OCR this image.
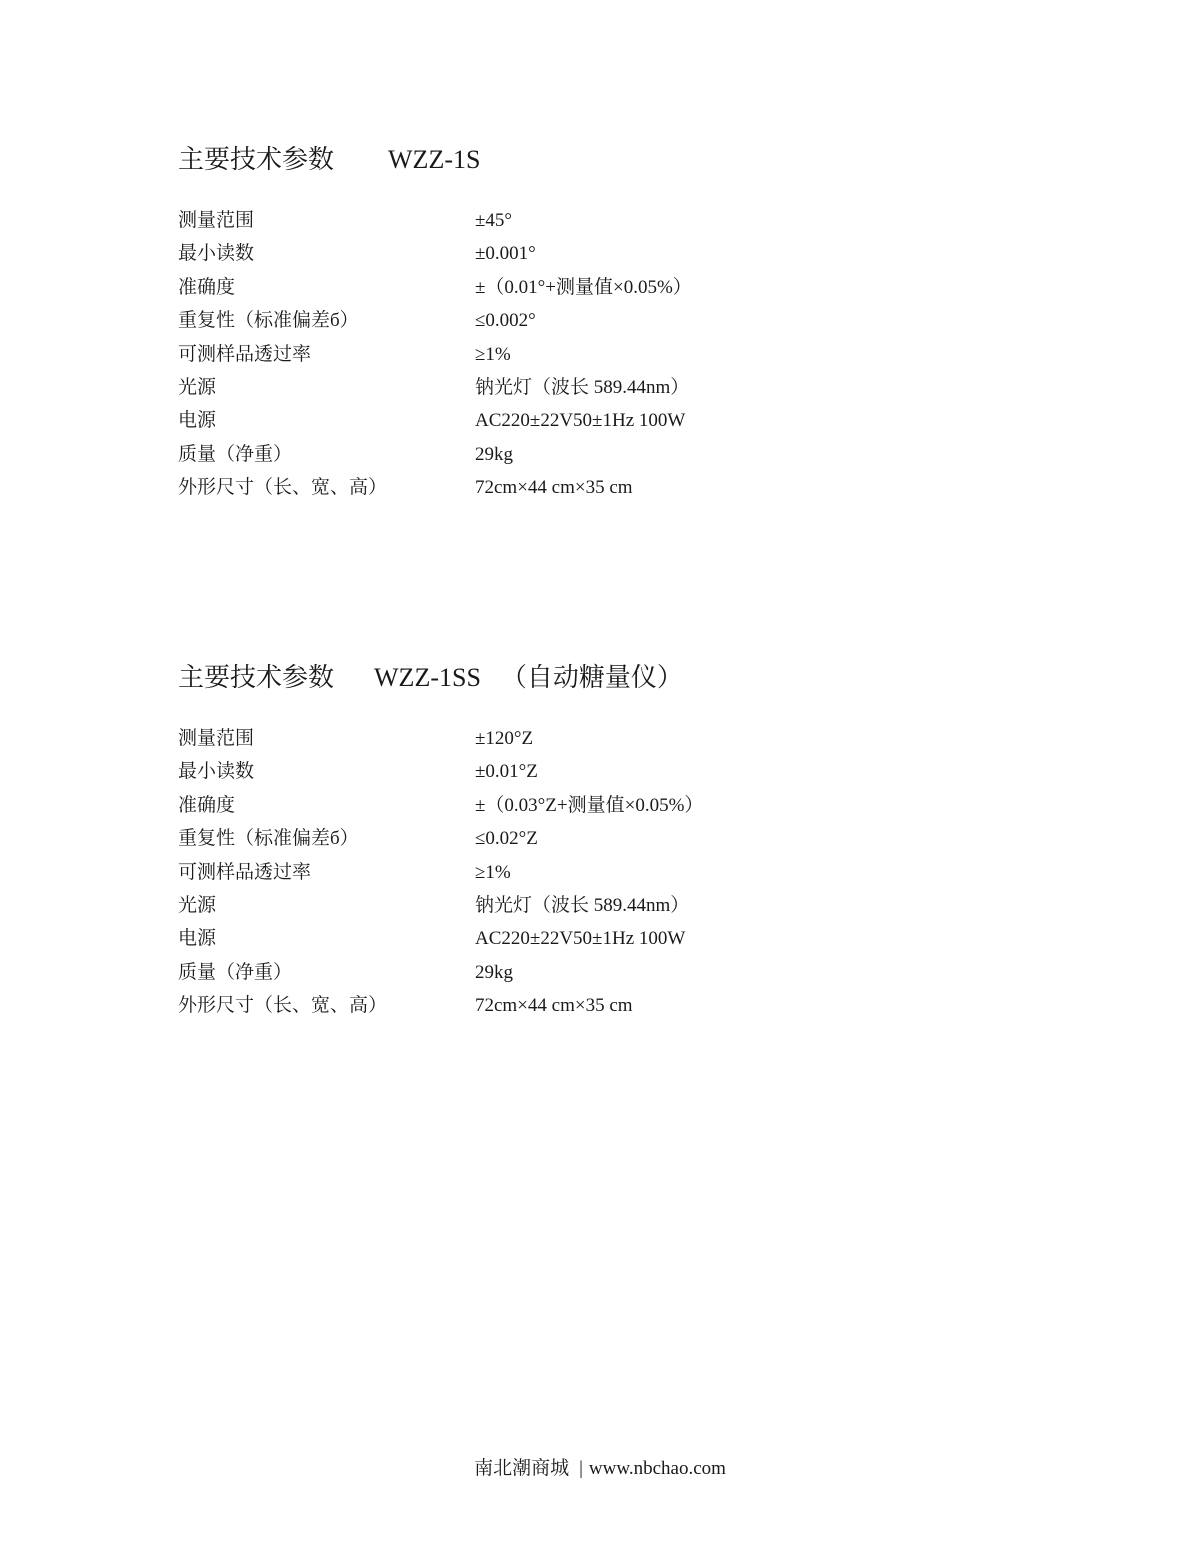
主要技术参数 WZZ-1S
测量范围	±45°
最小读数	±0.001°
准确度	±（0.01°+测量值×0.05%）
重复性（标准偏差б）	≤0.002°
可测样品透过率	≥1%
光源	钠光灯（波长 589.44nm）
电源	AC220±22V50±1Hz 100W
质量（净重）	29kg
外形尺寸（长、宽、高）	72cm×44 cm×35 cm
主要技术参数 WZZ-1SS （自动糖量仪）
测量范围	±120°Z
最小读数	±0.01°Z
准确度	±（0.03°Z+测量值×0.05%）
重复性（标准偏差б）	≤0.02°Z
可测样品透过率	≥1%
光源	钠光灯（波长 589.44nm）
电源	AC220±22V50±1Hz 100W
质量（净重）	29kg
外形尺寸（长、宽、高）	72cm×44 cm×35 cm
南北潮商城 | www.nbchao.com
